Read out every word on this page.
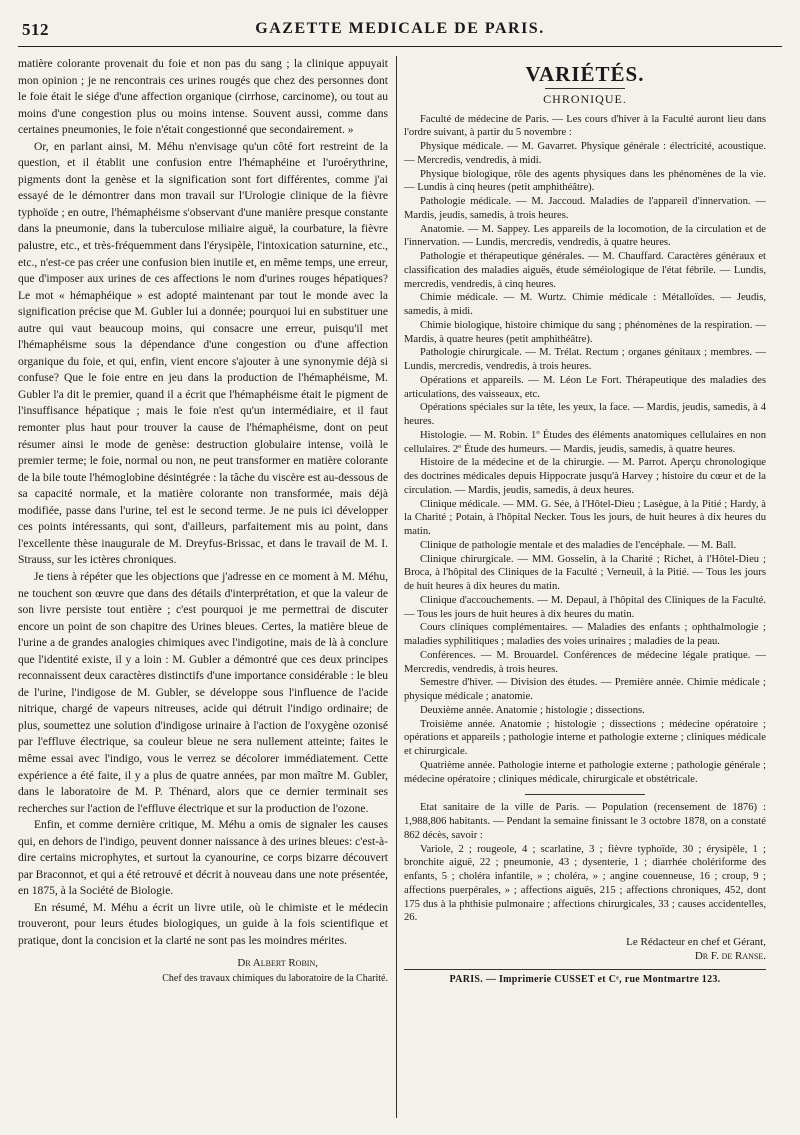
512	GAZETTE MEDICALE DE PARIS.

matière colorante provenait du foie et non pas du sang ; la clinique appuyait mon opinion ; je ne rencontrais ces urines rougés que chez des personnes dont le foie était le siége d'une affection organique (cirrhose, carcinome), ou tout au moins d'une congestion plus ou moins intense. Souvent aussi, comme dans certaines pneumonies, le foie n'était congestionné que secondairement. »

Or, en parlant ainsi, M. Méhu n'envisage qu'un côté fort restreint de la question, et il établit une confusion entre l'hémaphéine et l'uroérythrine, pigments dont la genèse et la signification sont fort différentes, comme j'ai essayé de le démontrer dans mon travail sur l'Urologie clinique de la fièvre typhoïde ; en outre, l'hémaphéisme s'observant d'une manière presque constante dans la pneumonie, dans la tuberculose miliaire aiguë, la courbature, la fièvre palustre, etc., et très-fréquemment dans l'érysipèle, l'intoxication saturnine, etc., etc., n'est-ce pas créer une confusion bien inutile et, en même temps, une erreur, que d'imposer aux urines de ces affections le nom d'urines rouges hépatiques? Le mot « hémaphéique » est adopté maintenant par tout le monde avec la signification précise que M. Gubler lui a donnée; pourquoi lui en substituer une autre qui vaut beaucoup moins, qui consacre une erreur, puisqu'il met l'hémaphéisme sous la dépendance d'une congestion ou d'une affection organique du foie, et qui, enfin, vient encore s'ajouter à une synonymie déjà si confuse? Que le foie entre en jeu dans la production de l'hémaphéisme, M. Gubler l'a dit le premier, quand il a écrit que l'hémaphéisme était le pigment de l'insuffisance hépatique ; mais le foie n'est qu'un intermédiaire, et il faut remonter plus haut pour trouver la cause de l'hémaphéisme, dont on peut résumer ainsi le mode de genèse: destruction globulaire intense, voilà le premier terme; le foie, normal ou non, ne peut transformer en matière colorante de la bile toute l'hémoglobine désintégrée : la tâche du viscère est au-dessous de sa capacité normale, et la matière colorante non transformée, mais déjà modifiée, passe dans l'urine, tel est le second terme. Je ne puis ici développer ces points intéressants, qui sont, d'ailleurs, parfaitement mis au point, dans l'excellente thèse inaugurale de M. Dreyfus-Brissac, et dans le travail de M. I. Strauss, sur les ictères chroniques.

Je tiens à répéter que les objections que j'adresse en ce moment à M. Méhu, ne touchent son œuvre que dans des détails d'interprétation, et que la valeur de son livre persiste tout entière ; c'est pourquoi je me permettrai de discuter encore un point de son chapitre des Urines bleues. Certes, la matière bleue de l'urine a de grandes analogies chimiques avec l'indigotine, mais de là à conclure que l'identité existe, il y a loin : M. Gubler a démontré que ces deux principes reconnaissent deux caractères distinctifs d'une importance considérable : le bleu de l'urine, l'indigose de M. Gubler, se développe sous l'influence de l'acide nitrique, chargé de vapeurs nitreuses, acide qui détruit l'indigo ordinaire; de plus, soumettez une solution d'indigose urinaire à l'action de l'oxygène ozonisé par l'effluve électrique, sa couleur bleue ne sera nullement atteinte; faites le même essai avec l'indigo, vous le verrez se décolorer immédiatement. Cette expérience a été faite, il y a plus de quatre années, par mon maître M. Gubler, dans le laboratoire de M. P. Thénard, alors que ce dernier terminait ses recherches sur l'action de l'effluve électrique et sur la production de l'ozone.

Enfin, et comme dernière critique, M. Méhu a omis de signaler les causes qui, en dehors de l'indigo, peuvent donner naissance à des urines bleues: c'est-à-dire certains microphytes, et surtout la cyanourine, ce corps bizarre découvert par Braconnot, et qui a été retrouvé et décrit à nouveau dans une note présentée, en 1875, à la Société de Biologie.

En résumé, M. Méhu a écrit un livre utile, où le chimiste et le médecin trouveront, pour leurs études biologiques, un guide à la fois scientifique et pratique, dont la concision et la clarté ne sont pas les moindres mérites.

Dr Albert Robin,
Chef des travaux chimiques du laboratoire de la Charité.
VARIÉTÉS.
CHRONIQUE.

Faculté de médecine de Paris. — Les cours d'hiver à la Faculté auront lieu dans l'ordre suivant, à partir du 5 novembre :

Physique médicale. — M. Gavarret. Physique générale : électricité, acoustique. — Mercredis, vendredis, à midi.

Physique biologique, rôle des agents physiques dans les phénomènes de la vie. — Lundis à cinq heures (petit amphithéâtre).

Pathologie médicale. — M. Jaccoud. Maladies de l'appareil d'innervation. — Mardis, jeudis, samedis, à trois heures.

Anatomie. — M. Sappey. Les appareils de la locomotion, de la circulation et de l'innervation. — Lundis, mercredis, vendredis, à quatre heures.

Pathologie et thérapeutique générales. — M. Chauffard. Caractères généraux et classification des maladies aiguës, étude séméiologique de l'état fébrile. — Lundis, mercredis, vendredis, à cinq heures.

Chimie médicale. — M. Wurtz. Chimie médicale : Métalloïdes. — Jeudis, samedis, à midi.

Chimie biologique, histoire chimique du sang ; phénomènes de la respiration. — Mardis, à quatre heures (petit amphithéâtre).

Pathologie chirurgicale. — M. Trélat. Rectum ; organes génitaux ; membres. — Lundis, mercredis, vendredis, à trois heures.

Opérations et appareils. — M. Léon Le Fort. Thérapeutique des maladies des articulations, des vaisseaux, etc.

Opérations spéciales sur la tête, les yeux, la face. — Mardis, jeudis, samedis, à 4 heures.

Histologie. — M. Robin. 1º Études des éléments anatomiques cellulaires en non cellulaires. 2º Étude des humeurs. — Mardis, jeudis, samedis, à quatre heures.

Histoire de la médecine et de la chirurgie. — M. Parrot. Aperçu chronologique des doctrines médicales depuis Hippocrate jusqu'à Harvey ; histoire du cœur et de la circulation. — Mardis, jeudis, samedis, à deux heures.

Clinique médicale. — MM. G. Sée, à l'Hôtel-Dieu ; Lasègue, à la Pitié ; Hardy, à la Charité ; Potain, à l'hôpital Necker. Tous les jours, de huit heures à dix heures du matin.

Clinique de pathologie mentale et des maladies de l'encéphale. — M. Ball.

Clinique chirurgicale. — MM. Gosselin, à la Charité ; Richet, à l'Hôtel-Dieu ; Broca, à l'hôpital des Cliniques de la Faculté ; Verneuil, à la Pitié. — Tous les jours de huit heures à dix heures du matin.

Clinique d'accouchements. — M. Depaul, à l'hôpital des Cliniques de la Faculté. — Tous les jours de huit heures à dix heures du matin.

Cours cliniques complémentaires. — Maladies des enfants ; ophthalmologie ; maladies syphilitiques ; maladies des voies urinaires ; maladies de la peau.

Conférences. — M. Brouardel. Conférences de médecine légale pratique. — Mercredis, vendredis, à trois heures.

Semestre d'hiver. — Division des études. — Première année. Chimie médicale ; physique médicale ; anatomie.

Deuxième année. Anatomie ; histologie ; dissections.

Troisième année. Anatomie ; histologie ; dissections ; médecine opératoire ; opérations et appareils ; pathologie interne et pathologie externe ; cliniques médicale et chirurgicale.

Quatrième année. Pathologie interne et pathologie externe ; pathologie générale ; médecine opératoire ; cliniques médicale, chirurgicale et obstétricale.

Etat sanitaire de la ville de Paris. — Population (recensement de 1876) : 1,988,806 habitants. — Pendant la semaine finissant le 3 octobre 1878, on a constaté 862 décès, savoir :

Variole, 2 ; rougeole, 4 ; scarlatine, 3 ; fièvre typhoïde, 30 ; érysipèle, 1 ; bronchite aiguë, 22 ; pneumonie, 43 ; dysenterie, 1 ; diarrhée cholériforme des enfants, 5 ; choléra infantile, » ; choléra, » ; angine couenneuse, 16 ; croup, 9 ; affections puerpérales, » ; affections aiguës, 215 ; affections chroniques, 452, dont 175 dus à la phthisie pulmonaire ; affections chirurgicales, 33 ; causes accidentelles, 26.

Le Rédacteur en chef et Gérant,
Dr F. de Ranse.
PARIS. — Imprimerie CUSSET et Cᵉ, rue Montmartre 123.
